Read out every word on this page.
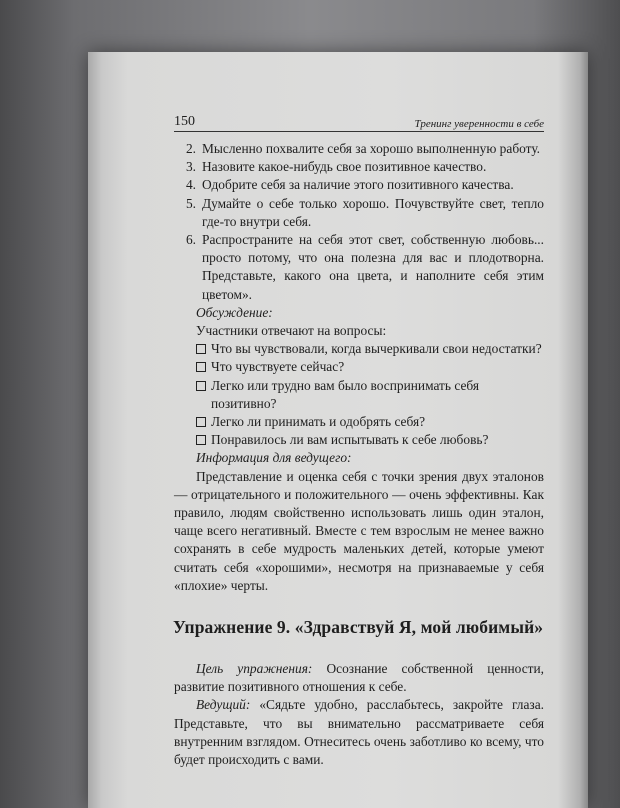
150	Тренинг уверенности в себе
2. Мысленно похвалите себя за хорошо выполненную работу.
3. Назовите какое-нибудь свое позитивное качество.
4. Одобрите себя за наличие этого позитивного качества.
5. Думайте о себе только хорошо. Почувствуйте свет, тепло где-то внутри себя.
6. Распространите на себя этот свет, собственную любовь... просто потому, что она полезна для вас и плодотворна. Представьте, какого она цвета, и наполните себя этим цветом».
Обсуждение:
Участники отвечают на вопросы:
Что вы чувствовали, когда вычеркивали свои недостатки?
Что чувствуете сейчас?
Легко или трудно вам было воспринимать себя позитивно?
Легко ли принимать и одобрять себя?
Понравилось ли вам испытывать к себе любовь?
Информация для ведущего:
Представление и оценка себя с точки зрения двух эталонов — отрицательного и положительного — очень эффективны. Как правило, людям свойственно использовать лишь один эталон, чаще всего негативный. Вместе с тем взрослым не менее важно сохранять в себе мудрость маленьких детей, которые умеют считать себя «хорошими», несмотря на признаваемые у себя «плохие» черты.
Упражнение 9. «Здравствуй Я, мой любимый»
Цель упражнения: Осознание собственной ценности, развитие позитивного отношения к себе.
Ведущий: «Сядьте удобно, расслабьтесь, закройте глаза. Представьте, что вы внимательно рассматриваете себя внутренним взглядом. Отнеситесь очень заботливо ко всему, что будет происходить с вами.
